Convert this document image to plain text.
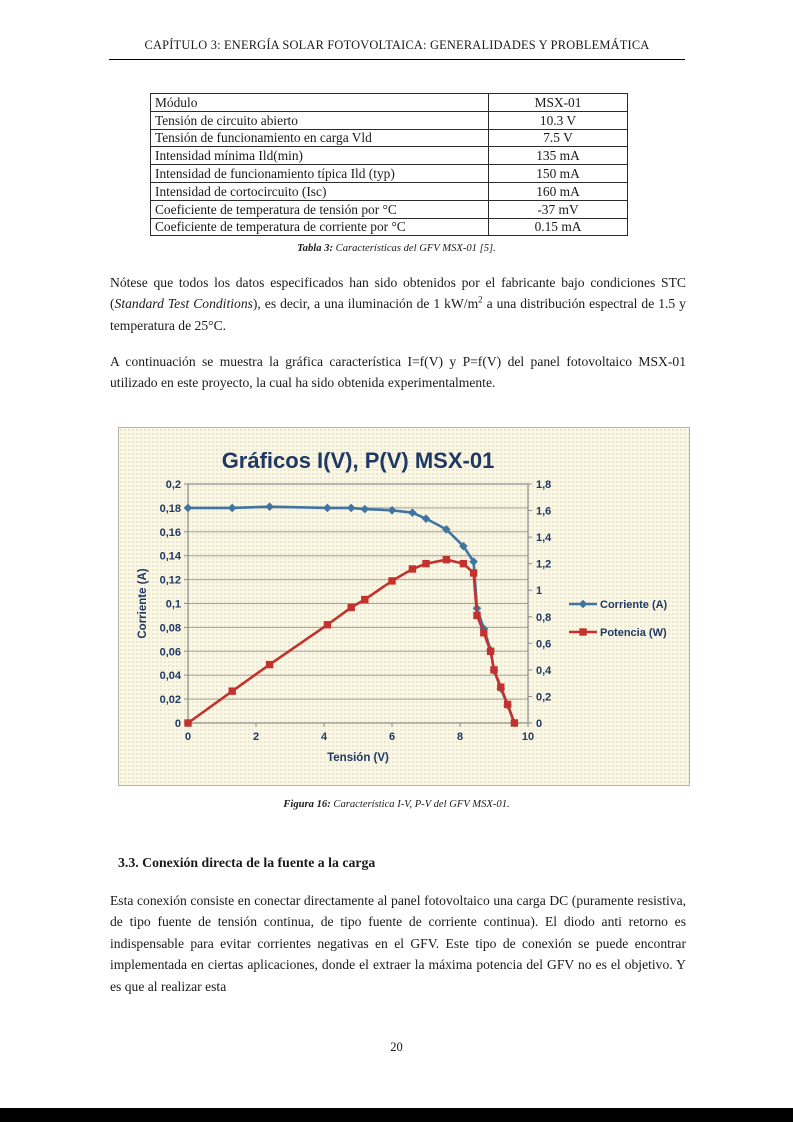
CAPÍTULO 3: ENERGÍA SOLAR FOTOVOLTAICA: GENERALIDADES Y PROBLEMÁTICA
Módulo	MSX-01
Tensión de circuito abierto	10.3 V
Tensión de funcionamiento en carga Vld	7.5 V
Intensidad mínima Ild(min)	135 mA
Intensidad de funcionamiento típica Ild (typ)	150 mA
Intensidad de cortocircuito (Isc)	160 mA
Coeficiente de temperatura de tensión por °C	-37 mV
Coeficiente de temperatura de corriente por °C	0.15 mA
Tabla 3: Características del GFV MSX-01 [5].

Nótese que todos los datos especificados han sido obtenidos por el fabricante bajo condiciones STC (Standard Test Conditions), es decir, a una iluminación de 1 $kW/m^2$ a una distribución espectral de 1.5 y temperatura de 25°C.

A continuación se muestra la gráfica característica I=f(V) y P=f(V) del panel fotovoltaico MSX-01 utilizado en este proyecto, la cual ha sido obtenida experimentalmente.

0
0,02
0,04
0,06
0,08
0,1
0,12
0,14
0,16
0,18
0,2
0
0,2
0,4
0,6
0,8
1
1,2
1,4
1,6
1,8
0	2	4	6	8	10
Gráficos I(V), P(V) MSX-01
Corriente (A)
Tensión (V)
Corriente (A)
Potencia (W)
Figura 16: Característica I-V, P-V del GFV MSX-01.
3.3. Conexión directa de la fuente a la carga

Esta conexión consiste en conectar directamente al panel fotovoltaico una carga DC (puramente resistiva, de tipo fuente de tensión continua, de tipo fuente de corriente continua). El diodo anti retorno es indispensable para evitar corrientes negativas en el GFV. Este tipo de conexión se puede encontrar implementada en ciertas aplicaciones, donde el extraer la máxima potencia del GFV no es el objetivo. Y es que al realizar esta

20
